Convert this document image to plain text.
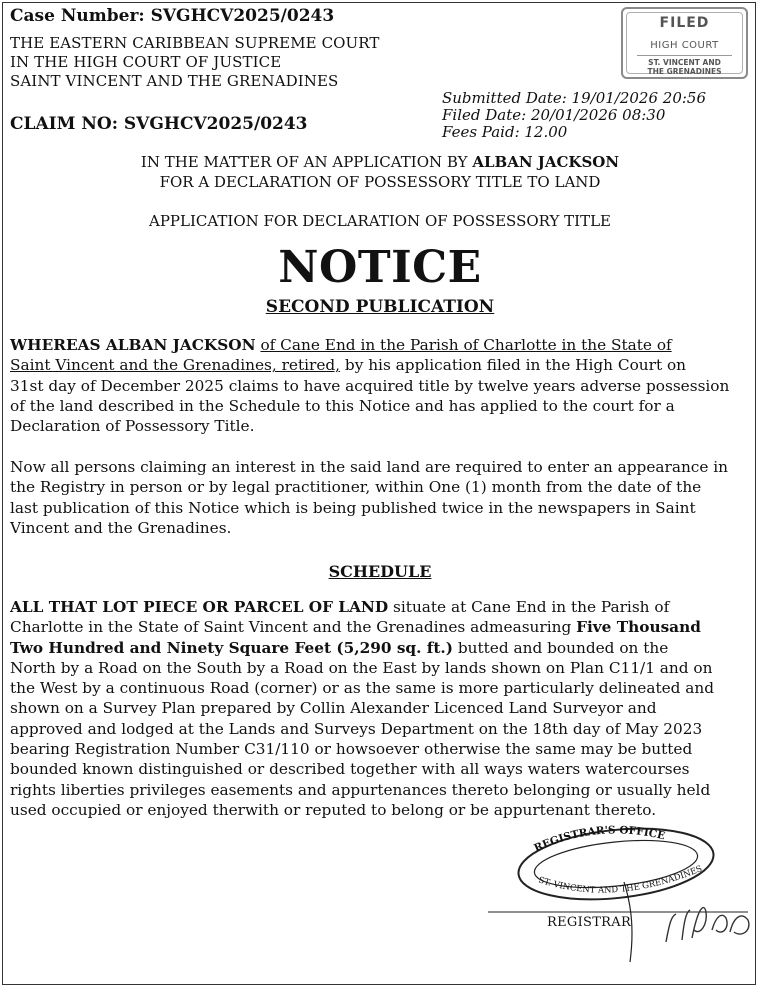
Case Number: SVGHCV2025/0243
THE EASTERN CARIBBEAN SUPREME COURT
IN THE HIGH COURT OF JUSTICE
SAINT VINCENT AND THE GRENADINES
CLAIM NO: SVGHCV2025/0243
FILED
HIGH COURT
ST. VINCENT AND
THE GRENADINES
Submitted Date: 19/01/2026 20:56
Filed Date: 20/01/2026 08:30
Fees Paid: 12.00
IN THE MATTER OF AN APPLICATION BY ALBAN JACKSON
FOR A DECLARATION OF POSSESSORY TITLE TO LAND
APPLICATION FOR DECLARATION OF POSSESSORY TITLE
NOTICE
SECOND PUBLICATION
WHEREAS ALBAN JACKSON of Cane End in the Parish of Charlotte in the State of
Saint Vincent and the Grenadines, retired, by his application filed in the High Court on
31st day of December 2025 claims to have acquired title by twelve years adverse possession
of the land described in the Schedule to this Notice and has applied to the court for a
Declaration of Possessory Title.
Now all persons claiming an interest in the said land are required to enter an appearance in
the Registry in person or by legal practitioner, within One (1) month from the date of the
last publication of this Notice which is being published twice in the newspapers in Saint
Vincent and the Grenadines.
SCHEDULE
ALL THAT LOT PIECE OR PARCEL OF LAND situate at Cane End in the Parish of
Charlotte in the State of Saint Vincent and the Grenadines admeasuring Five Thousand
Two Hundred and Ninety Square Feet (5,290 sq. ft.) butted and bounded on the
North by a Road on the South by a Road on the East by lands shown on Plan C11/1 and on
the West by a continuous Road (corner) or as the same is more particularly delineated and
shown on a Survey Plan prepared by Collin Alexander Licenced Land Surveyor and
approved and lodged at the Lands and Surveys Department on the 18th day of May 2023
bearing Registration Number C31/110 or howsoever otherwise the same may be butted
bounded known distinguished or described together with all ways waters watercourses
rights liberties privileges easements and appurtenances thereto belonging or usually held
used occupied or enjoyed therwith or reputed to belong or be appurtenant thereto.
REGISTRAR'S OFFICE
ST. VINCENT AND THE GRENADINES
REGISTRAR
